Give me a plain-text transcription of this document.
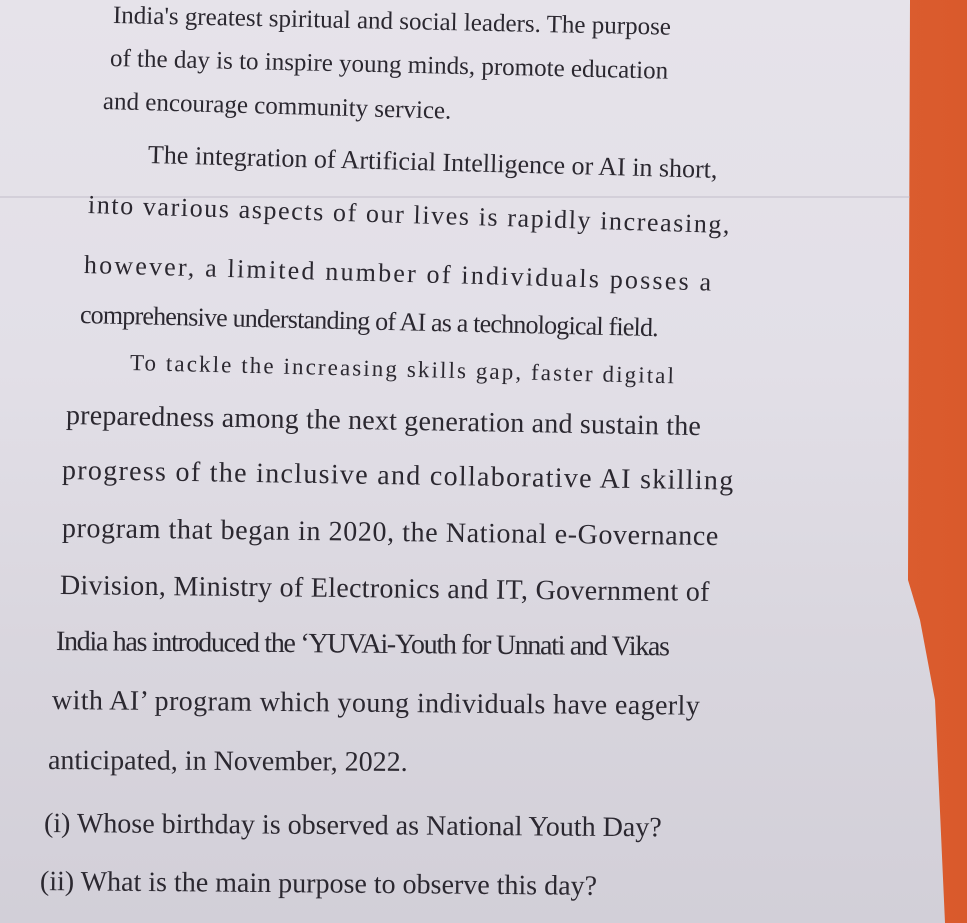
India's greatest spiritual and social leaders. The purpose
of the day is to inspire young minds, promote education
and encourage community service.
The integration of Artificial Intelligence or AI in short,
into various aspects of our lives is rapidly increasing,
however, a limited number of individuals posses a
comprehensive understanding of AI as a technological field.
To tackle the increasing skills gap, faster digital
preparedness among the next generation and sustain the
progress of the inclusive and collaborative AI skilling
program that began in 2020, the National e-Governance
Division, Ministry of Electronics and IT, Government of
India has introduced the ‘YUVAi-Youth for Unnati and Vikas
with AI’ program which young individuals have eagerly
anticipated, in November, 2022.
(i) Whose birthday is observed as National Youth Day?
(ii) What is the main purpose to observe this day?
